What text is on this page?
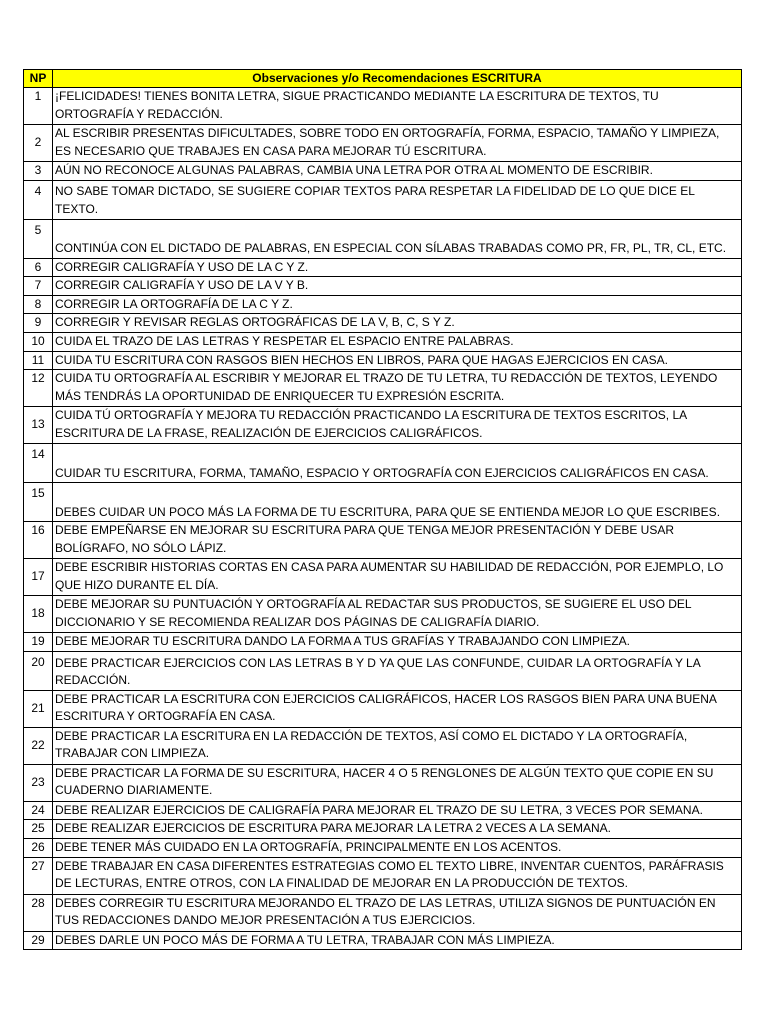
NP	Observaciones y/o Recomendaciones ESCRITURA
1	¡FELICIDADES! TIENES BONITA LETRA, SIGUE PRACTICANDO MEDIANTE LA ESCRITURA DE TEXTOS, TU ORTOGRAFÍA Y REDACCIÓN.
2	AL ESCRIBIR PRESENTAS DIFICULTADES, SOBRE TODO EN ORTOGRAFÍA, FORMA, ESPACIO, TAMAÑO Y LIMPIEZA, ES NECESARIO QUE TRABAJES EN CASA PARA MEJORAR TÚ ESCRITURA.
3	AÚN NO RECONOCE ALGUNAS PALABRAS, CAMBIA UNA LETRA POR OTRA AL MOMENTO DE ESCRIBIR.
4	NO SABE TOMAR DICTADO, SE SUGIERE COPIAR TEXTOS PARA RESPETAR LA FIDELIDAD DE LO QUE DICE EL TEXTO.
5	CONTINÚA CON EL DICTADO DE PALABRAS, EN ESPECIAL CON SÍLABAS TRABADAS COMO PR, FR, PL, TR, CL, ETC.
6	CORREGIR CALIGRAFÍA Y USO DE LA C Y Z.
7	CORREGIR CALIGRAFÍA Y USO DE LA V Y B.
8	CORREGIR LA ORTOGRAFÍA DE LA C Y Z.
9	CORREGIR Y REVISAR REGLAS ORTOGRÁFICAS DE LA V, B, C, S Y Z.
10	CUIDA EL TRAZO DE LAS LETRAS Y RESPETAR EL ESPACIO ENTRE PALABRAS.
11	CUIDA TU ESCRITURA CON RASGOS BIEN HECHOS EN LIBROS, PARA QUE HAGAS EJERCICIOS EN CASA.
12	CUIDA TU ORTOGRAFÍA AL ESCRIBIR Y MEJORAR EL TRAZO DE TU LETRA, TU REDACCIÓN DE TEXTOS, LEYENDO MÁS TENDRÁS LA OPORTUNIDAD DE ENRIQUECER TU EXPRESIÓN ESCRITA.
13	CUIDA TÚ ORTOGRAFÍA Y MEJORA TU REDACCIÓN PRACTICANDO LA ESCRITURA DE TEXTOS ESCRITOS, LA ESCRITURA DE LA FRASE, REALIZACIÓN DE EJERCICIOS CALIGRÁFICOS.
14	CUIDAR TU ESCRITURA, FORMA, TAMAÑO, ESPACIO Y ORTOGRAFÍA CON EJERCICIOS CALIGRÁFICOS EN CASA.
15	DEBES CUIDAR UN POCO MÁS LA FORMA DE TU ESCRITURA, PARA QUE SE ENTIENDA MEJOR LO QUE ESCRIBES.
16	DEBE EMPEÑARSE EN MEJORAR SU ESCRITURA PARA QUE TENGA MEJOR PRESENTACIÓN Y DEBE USAR BOLÍGRAFO, NO SÓLO LÁPIZ.
17	DEBE ESCRIBIR HISTORIAS CORTAS EN CASA PARA AUMENTAR SU HABILIDAD DE REDACCIÓN, POR EJEMPLO, LO QUE HIZO DURANTE EL DÍA.
18	DEBE MEJORAR SU PUNTUACIÓN Y ORTOGRAFÍA AL REDACTAR SUS PRODUCTOS, SE SUGIERE EL USO DEL DICCIONARIO Y SE RECOMIENDA REALIZAR DOS PÁGINAS DE CALIGRAFÍA DIARIO.
19	DEBE MEJORAR TU ESCRITURA DANDO LA FORMA A TUS GRAFÍAS Y TRABAJANDO CON LIMPIEZA.
20	DEBE PRACTICAR EJERCICIOS CON LAS LETRAS B Y D YA QUE LAS CONFUNDE, CUIDAR LA ORTOGRAFÍA Y LA REDACCIÓN.
21	DEBE PRACTICAR LA ESCRITURA CON EJERCICIOS CALIGRÁFICOS, HACER LOS RASGOS BIEN PARA UNA BUENA ESCRITURA Y ORTOGRAFÍA EN CASA.
22	DEBE PRACTICAR LA ESCRITURA EN LA REDACCIÓN DE TEXTOS, ASÍ COMO EL DICTADO Y LA ORTOGRAFÍA, TRABAJAR CON LIMPIEZA.
23	DEBE PRACTICAR LA FORMA DE SU ESCRITURA, HACER 4 O 5 RENGLONES DE ALGÚN TEXTO QUE COPIE EN SU CUADERNO DIARIAMENTE.
24	DEBE REALIZAR EJERCICIOS DE CALIGRAFÍA PARA MEJORAR EL TRAZO DE SU LETRA, 3 VECES POR SEMANA.
25	DEBE REALIZAR EJERCICIOS DE ESCRITURA PARA MEJORAR LA LETRA 2 VECES A LA SEMANA.
26	DEBE TENER MÁS CUIDADO EN LA ORTOGRAFÍA, PRINCIPALMENTE EN LOS ACENTOS.
27	DEBE TRABAJAR EN CASA DIFERENTES ESTRATEGIAS COMO EL TEXTO LIBRE, INVENTAR CUENTOS, PARÁFRASIS DE LECTURAS, ENTRE OTROS, CON LA FINALIDAD DE MEJORAR EN LA PRODUCCIÓN DE TEXTOS.
28	DEBES CORREGIR TU ESCRITURA MEJORANDO EL TRAZO DE LAS LETRAS, UTILIZA SIGNOS DE PUNTUACIÓN EN TUS REDACCIONES DANDO MEJOR PRESENTACIÓN A TUS EJERCICIOS.
29	DEBES DARLE UN POCO MÁS DE FORMA A TU LETRA, TRABAJAR CON MÁS LIMPIEZA.
